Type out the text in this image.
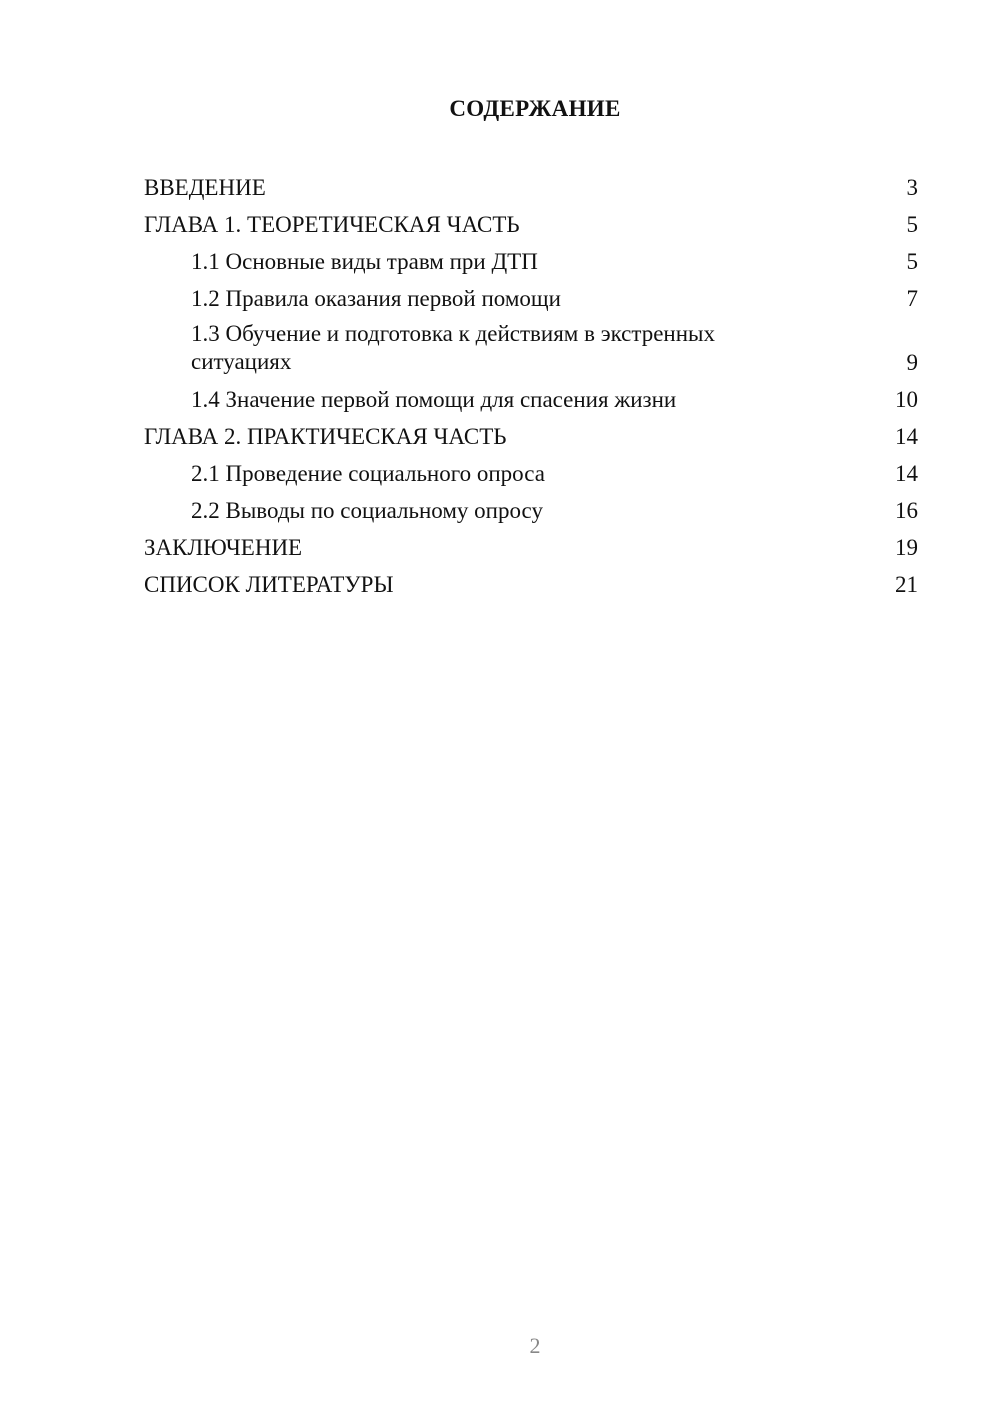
СОДЕРЖАНИЕ
ВВЕДЕНИЕ	3
ГЛАВА 1. ТЕОРЕТИЧЕСКАЯ ЧАСТЬ	5
1.1 Основные виды травм при ДТП	5
1.2 Правила оказания первой помощи	7
1.3 Обучение и подготовка к действиям в экстренных ситуациях	9
1.4 Значение первой помощи для спасения жизни	10
ГЛАВА 2. ПРАКТИЧЕСКАЯ ЧАСТЬ	14
2.1 Проведение социального опроса	14
2.2 Выводы по социальному опросу	16
ЗАКЛЮЧЕНИЕ	19
СПИСОК ЛИТЕРАТУРЫ	21
2
